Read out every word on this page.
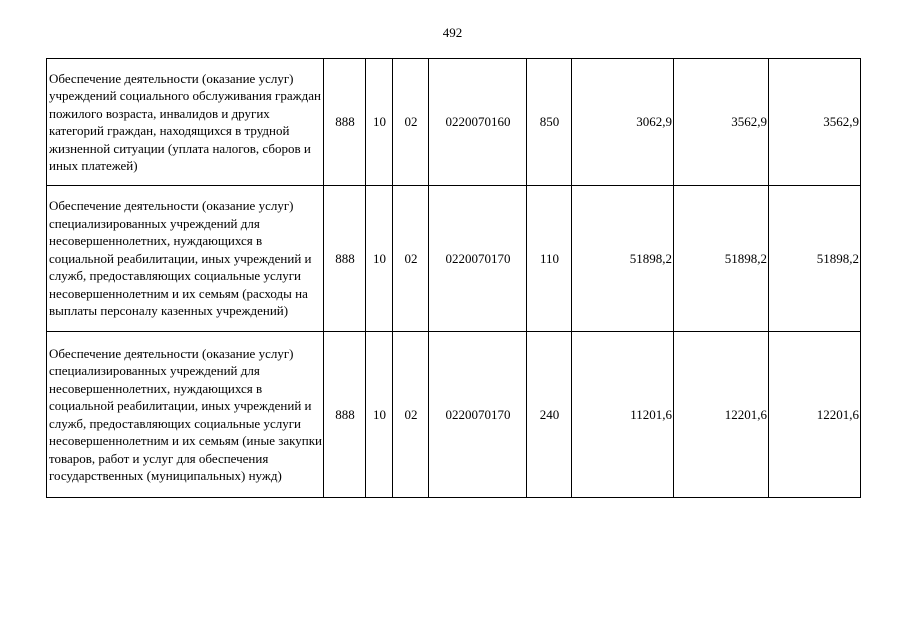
492
Обеспечение деятельности (оказание услуг) учреждений социального обслуживания граждан пожилого возраста, инвалидов и других категорий граждан, находящихся в трудной жизненной ситуации (уплата налогов, сборов и иных платежей)	888	10	02	0220070160	850	3062,9	3562,9	3562,9
Обеспечение деятельности (оказание услуг) специализированных учреждений для несовершеннолетних, нуждающихся в социальной реабилитации, иных учреждений и служб, предоставляющих социальные услуги несовершеннолетним и их семьям (расходы на выплаты персоналу казенных учреждений)	888	10	02	0220070170	110	51898,2	51898,2	51898,2
Обеспечение деятельности (оказание услуг) специализированных учреждений для несовершеннолетних, нуждающихся в социальной реабилитации, иных учреждений и служб, предоставляющих социальные услуги несовершеннолетним и их семьям (иные закупки товаров, работ и услуг для обеспечения государственных (муниципальных) нужд)	888	10	02	0220070170	240	11201,6	12201,6	12201,6
